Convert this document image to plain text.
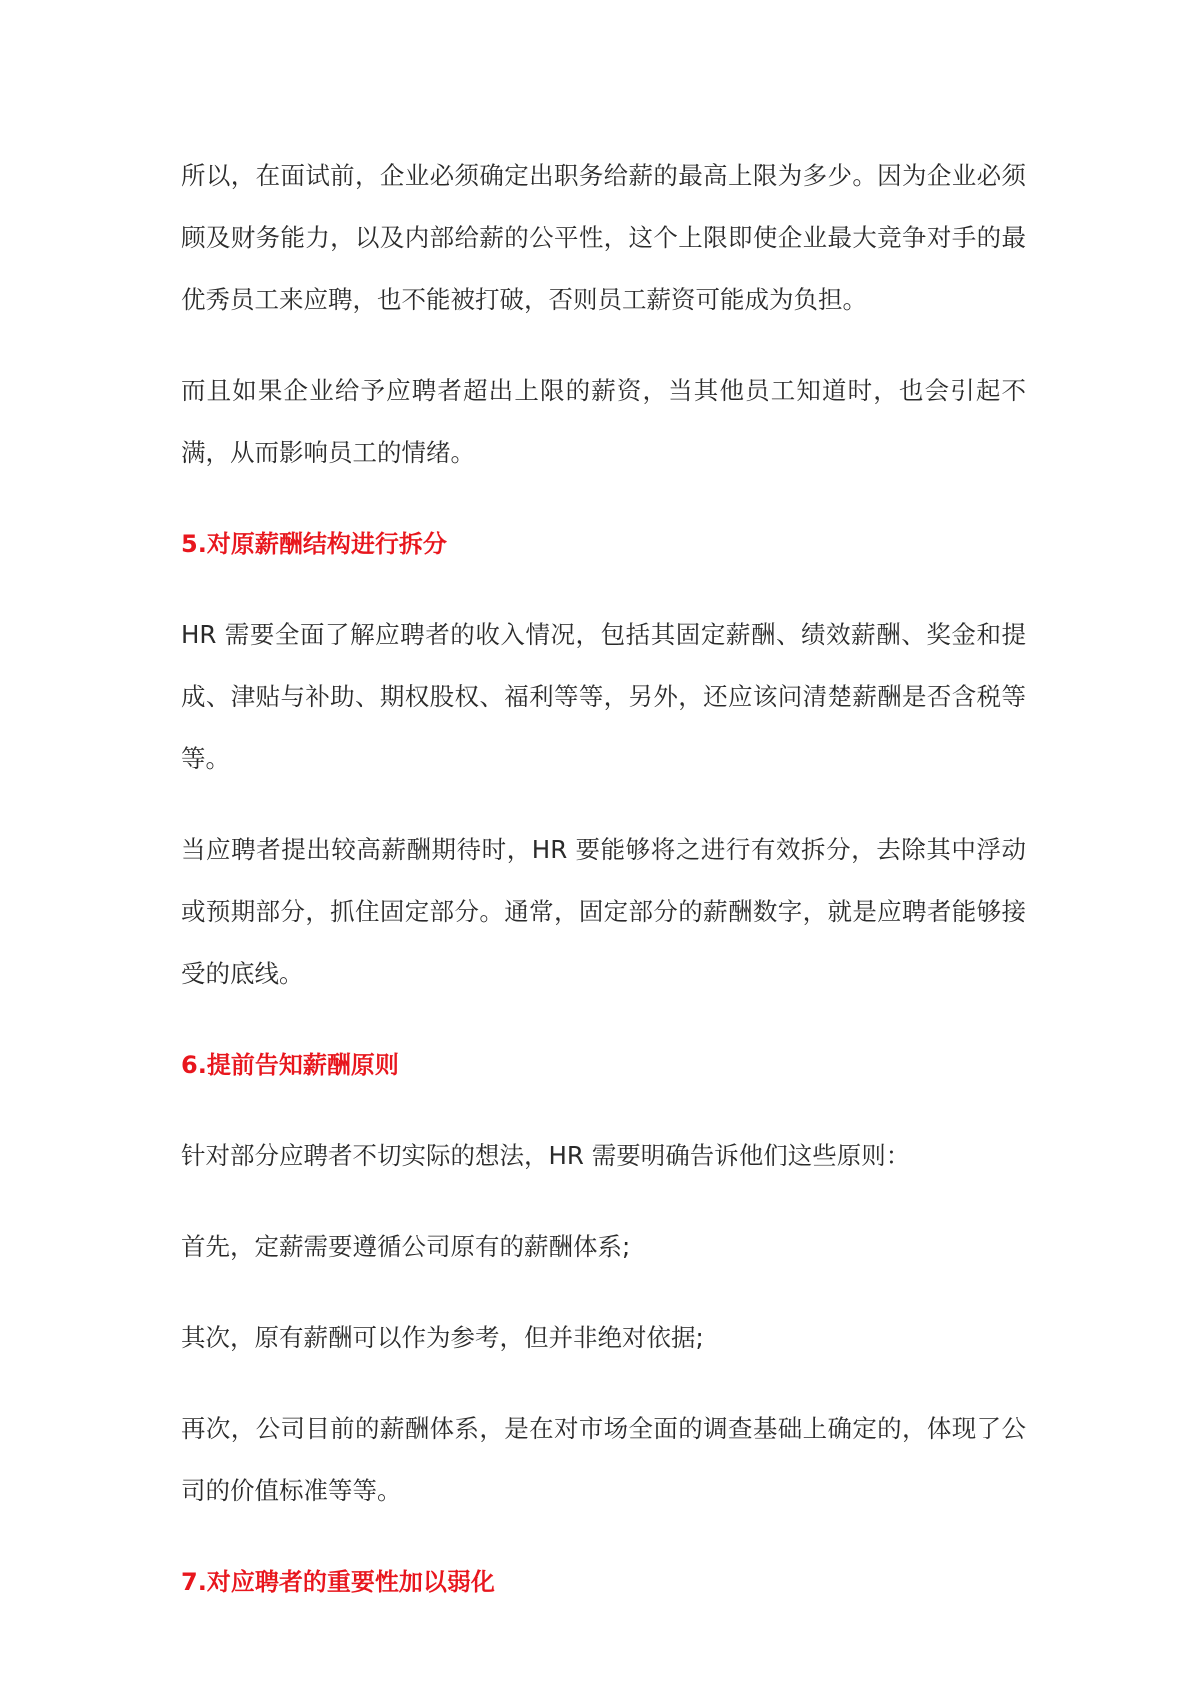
所以，在面试前，企业必须确定出职务给薪的最高上限为多少。因为企业必须顾及财务能力，以及内部给薪的公平性，这个上限即使企业最大竞争对手的最优秀员工来应聘，也不能被打破，否则员工薪资可能成为负担。

而且如果企业给予应聘者超出上限的薪资，当其他员工知道时，也会引起不满，从而影响员工的情绪。

5.对原薪酬结构进行拆分

HR 需要全面了解应聘者的收入情况，包括其固定薪酬、绩效薪酬、奖金和提成、津贴与补助、期权股权、福利等等，另外，还应该问清楚薪酬是否含税等等。

当应聘者提出较高薪酬期待时，HR 要能够将之进行有效拆分，去除其中浮动或预期部分，抓住固定部分。通常，固定部分的薪酬数字，就是应聘者能够接受的底线。

6.提前告知薪酬原则

针对部分应聘者不切实际的想法，HR 需要明确告诉他们这些原则：

首先，定薪需要遵循公司原有的薪酬体系;

其次，原有薪酬可以作为参考，但并非绝对依据;

再次，公司目前的薪酬体系，是在对市场全面的调查基础上确定的，体现了公司的价值标准等等。

7.对应聘者的重要性加以弱化
